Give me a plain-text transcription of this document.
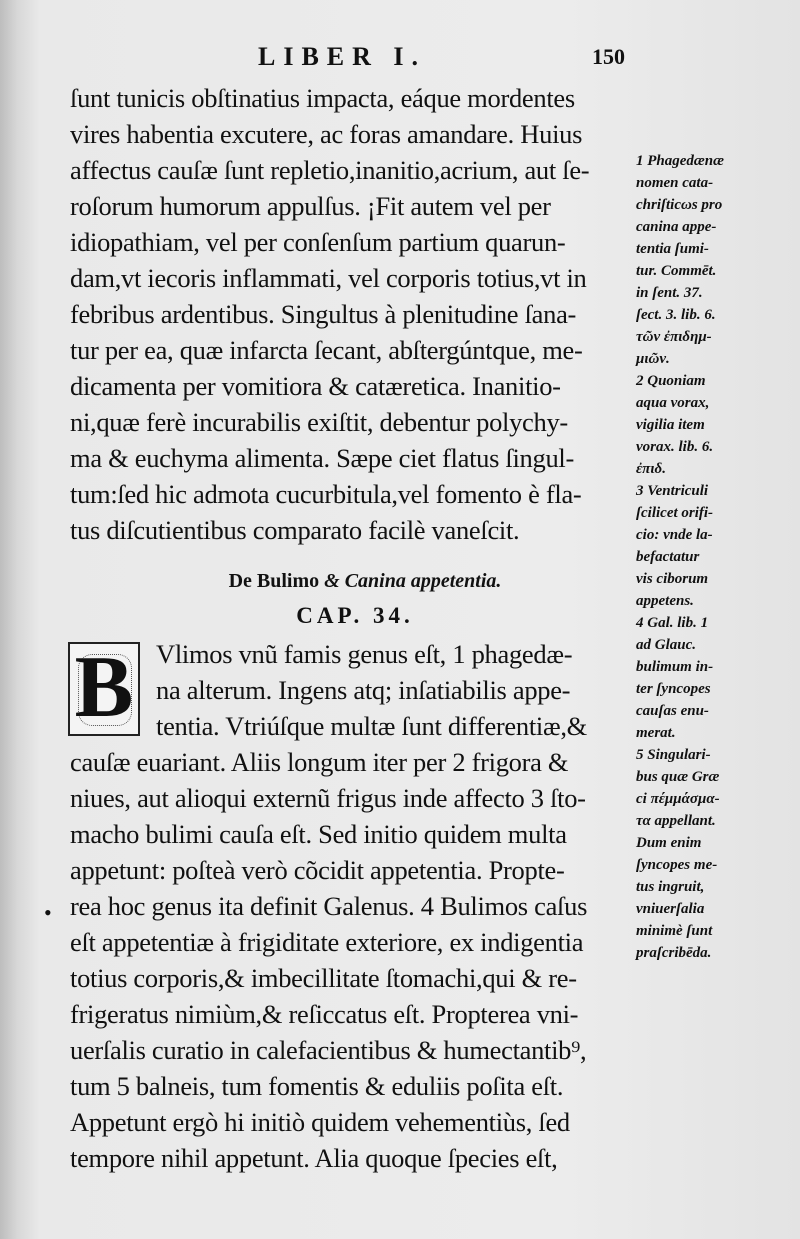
LIBER I.	150
ſunt tunicis obſtinatius impacta, eáque mordentes
vires habentia excutere, ac foras amandare. Huius
affectus cauſæ ſunt repletio,inanitio,acrium, aut ſe-
roſorum humorum appulſus. ¡Fit autem vel per
idiopathiam, vel per conſenſum partium quarun-
dam,vt iecoris inflammati, vel corporis totius,vt in
febribus ardentibus. Singultus à plenitudine ſana-
tur per ea, quæ infarcta ſecant, abſtergúntque, me-
dicamenta per vomitiora & catæretica. Inanitio-
ni,quæ ferè incurabilis exiſtit, debentur polychy-
ma & euchyma alimenta. Sæpe ciet flatus ſingul-
tum:ſed hic admota cucurbitula,vel fomento è fla-
tus diſcutientibus comparato facilè vaneſcit.
De Bulimo & Canina appetentia.
CAP. 34.
B Vlimos vnũ famis genus eſt, 1 phagedæ-
na alterum. Ingens atq; inſatiabilis appe-
tentia. Vtriúſque multæ ſunt differentiæ,&
cauſæ euariant. Aliis longum iter per 2 frigora &
niues, aut alioqui externũ frigus inde affecto 3 ſto-
macho bulimi cauſa eſt. Sed initio quidem multa
appetunt: poſteà verò cõcidit appetentia. Propte-
rea hoc genus ita definit Galenus. 4 Bulimos caſus
eſt appetentiæ à frigiditate exteriore, ex indigentia
totius corporis,& imbecillitate ſtomachi,qui & re-
frigeratus nimiùm,& reſiccatus eſt. Propterea vni-
uerſalis curatio in calefacientibus & humectantib⁹,
tum 5 balneis, tum fomentis & eduliis poſita eſt.
Appetunt ergò hi initiò quidem vehementiùs, ſed
tempore nihil appetunt. Alia quoque ſpecies eſt,
•
1 Phagedænæ
nomen cata-
chriſticωs pro
canina appe-
tentia ſumi-
tur. Commēt.
in ſent. 37.
ſect. 3. lib. 6.
τῶν ἐπιδημ-
μιῶν.
2 Quoniam
aqua vorax,
vigilia item
vorax. lib. 6.
ἐπιδ.
3 Ventriculi
ſcilicet orifi-
cio: vnde la-
befactatur
vis ciborum
appetens.
4 Gal. lib. 1
ad Glauc.
bulimum in-
ter ſyncopes
cauſas enu-
merat.
5 Singulari-
bus quæ Græ
ci πέμμάσμα-
τα appellant.
Dum enim
ſyncopes me-
tus ingruit,
vniuerſalia
minimè ſunt
praſcribēda.
